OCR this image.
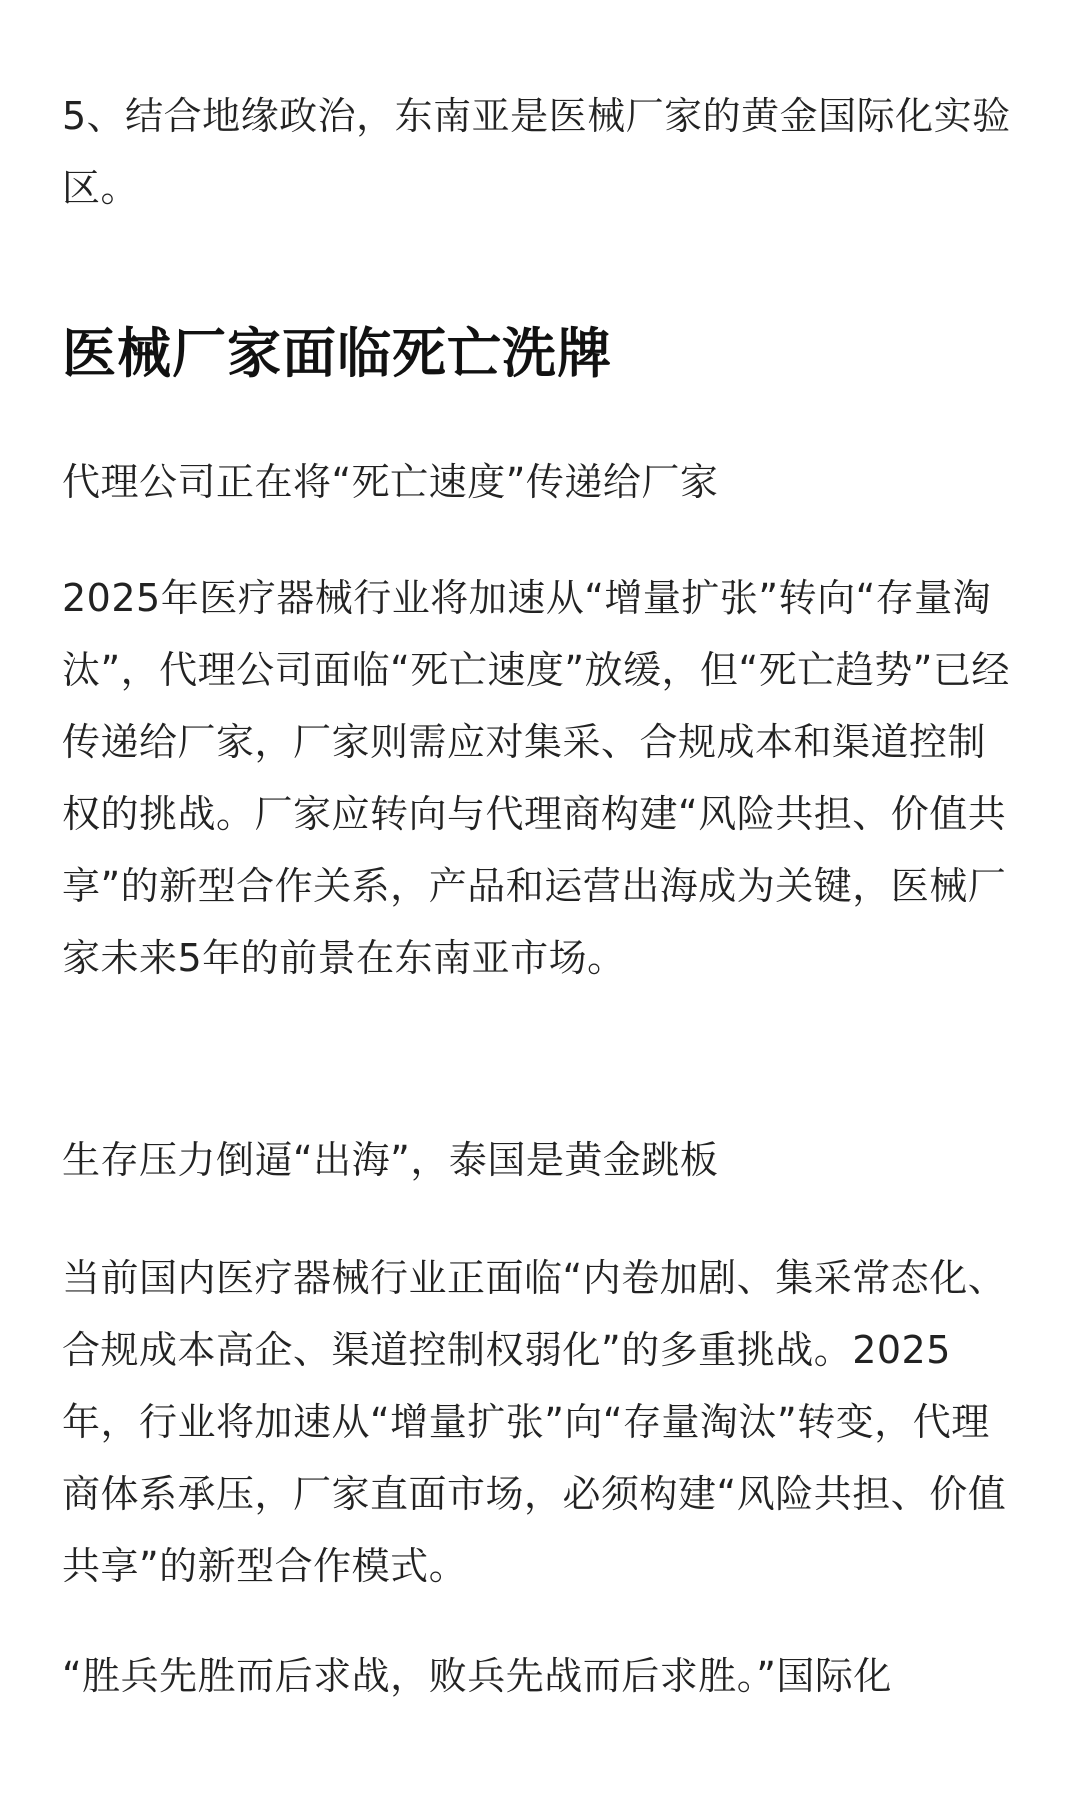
5、结合地缘政治，东南亚是医械厂家的黄金国际化实验区。

医械厂家面临死亡洗牌

代理公司正在将“死亡速度”传递给厂家

2025年医疗器械行业将加速从“增量扩张”转向“存量淘汰”，代理公司面临“死亡速度”放缓，但“死亡趋势”已经传递给厂家，厂家则需应对集采、合规成本和渠道控制权的挑战。厂家应转向与代理商构建“风险共担、价值共享”的新型合作关系，产品和运营出海成为关键，医械厂家未来5年的前景在东南亚市场。

生存压力倒逼“出海”，泰国是黄金跳板

当前国内医疗器械行业正面临“内卷加剧、集采常态化、合规成本高企、渠道控制权弱化”的多重挑战。2025年，行业将加速从“增量扩张”向“存量淘汰”转变，代理商体系承压，厂家直面市场，必须构建“风险共担、价值共享”的新型合作模式。

“胜兵先胜而后求战，败兵先战而后求胜。”国际化
